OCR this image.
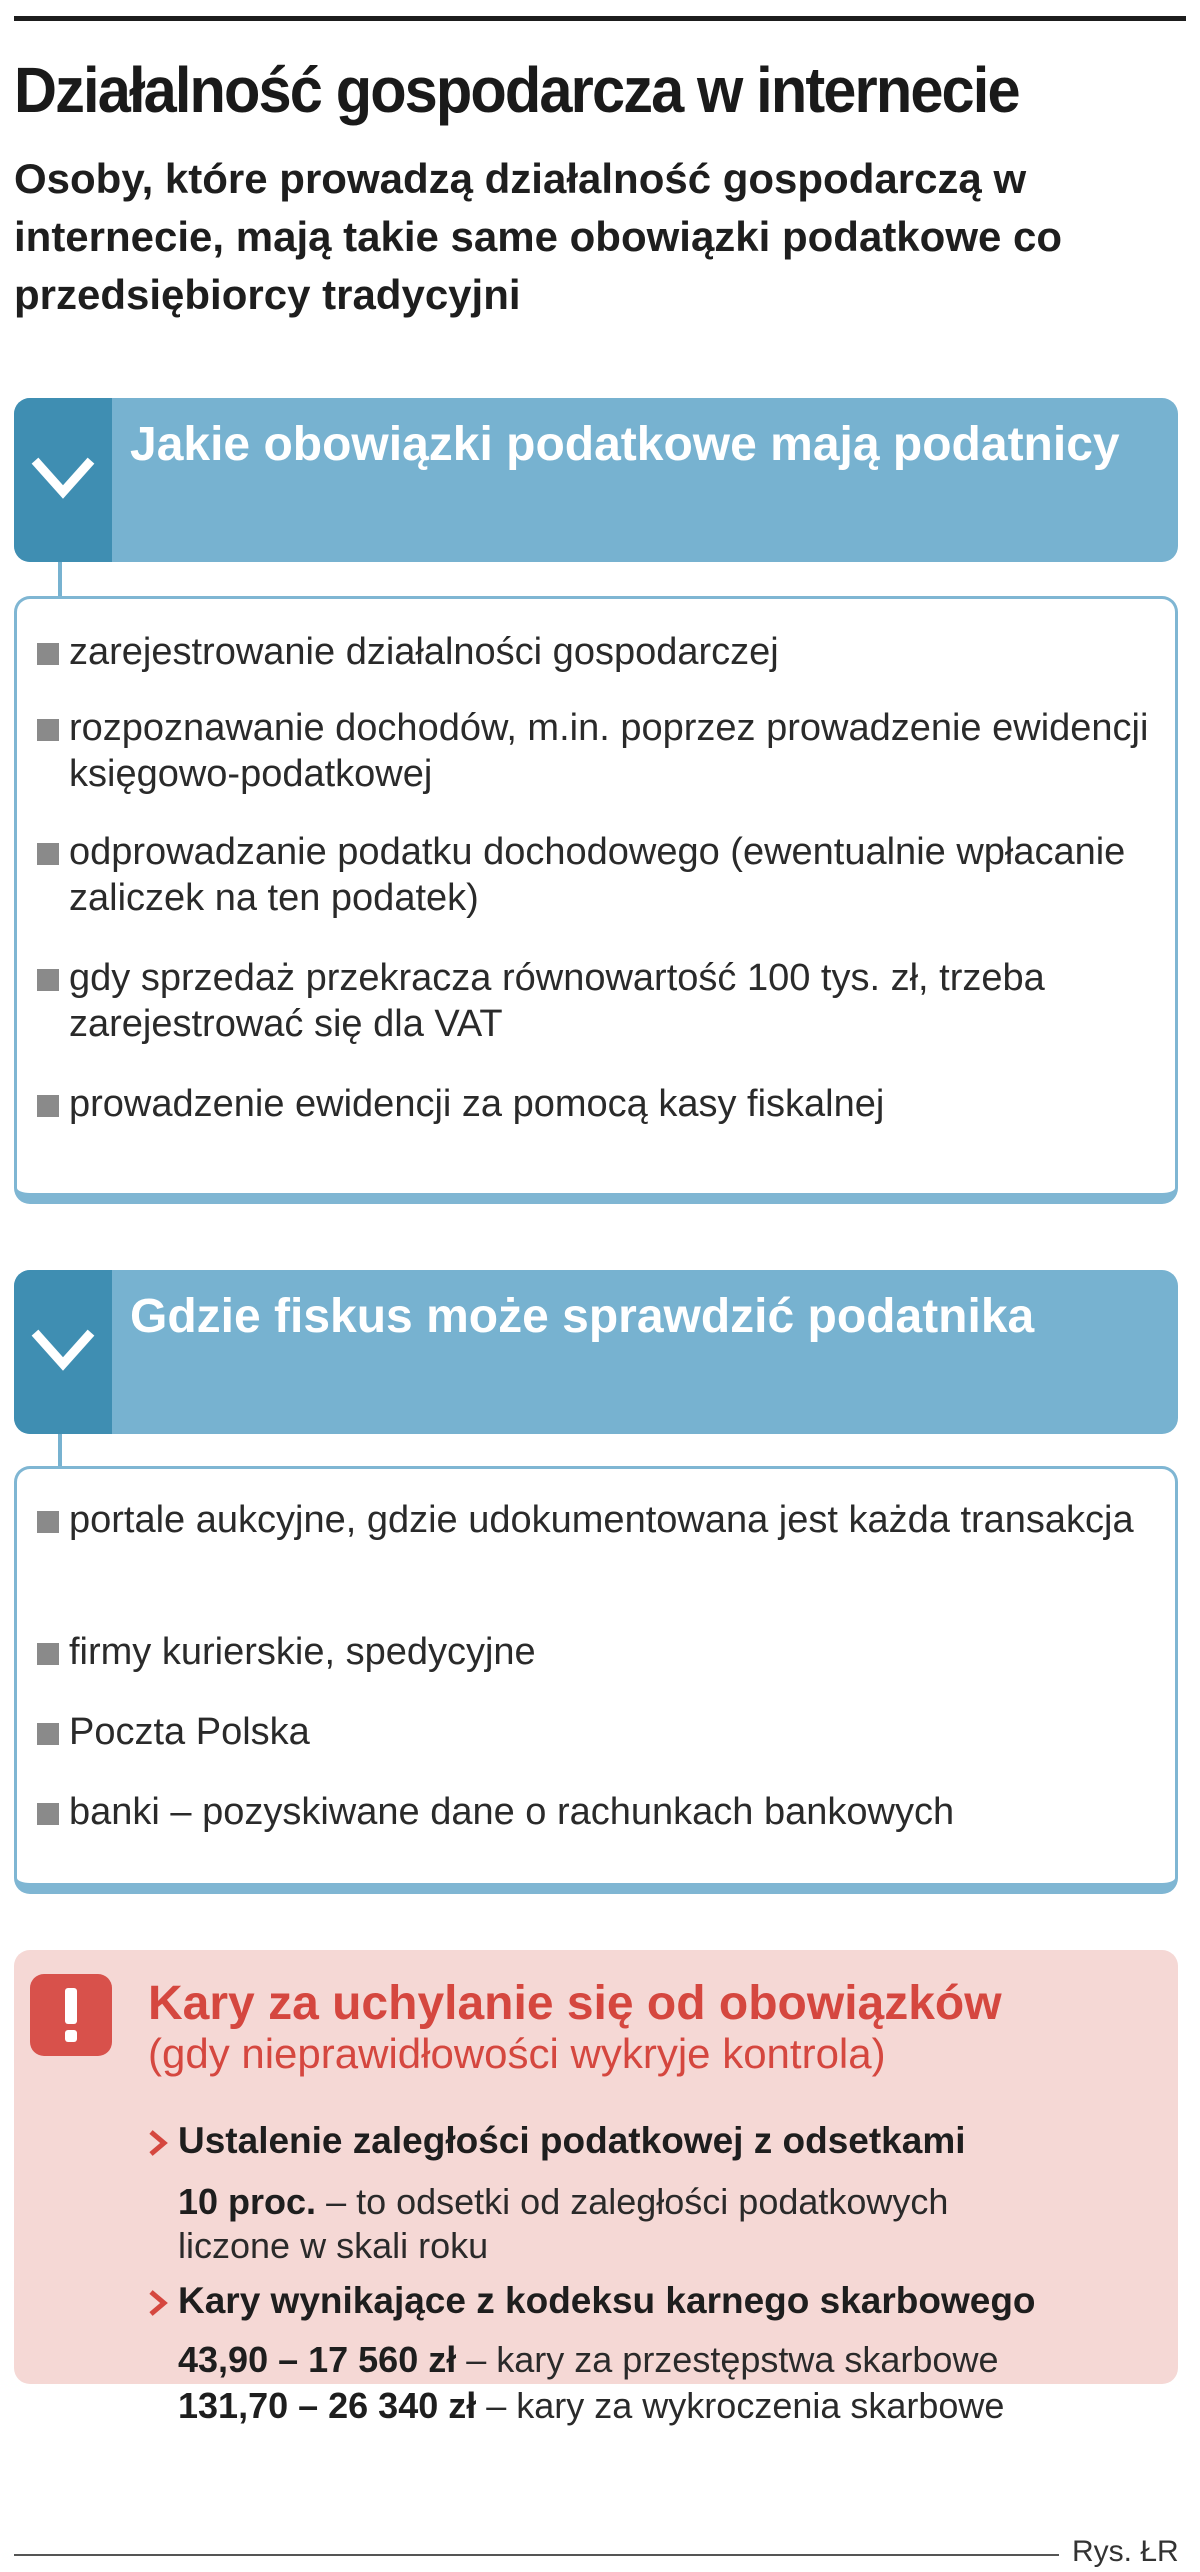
Działalność gospodarcza w internecie
Osoby, które prowadzą działalność gospodarczą w internecie, mają takie same obowiązki podatkowe co przedsiębiorcy tradycyjni
Jakie obowiązki podatkowe mają podatnicy
zarejestrowanie działalności gospodarczej
rozpoznawanie dochodów, m.in. poprzez prowadzenie ewidencji księgowo-podatkowej
odprowadzanie podatku dochodowego (ewentualnie wpłacanie zaliczek na ten podatek)
gdy sprzedaż przekracza równowartość 100 tys. zł, trzeba zarejestrować się dla VAT
prowadzenie ewidencji za pomocą kasy fiskalnej
Gdzie fiskus może sprawdzić podatnika
portale aukcyjne, gdzie udokumentowana jest każda transakcja
firmy kurierskie, spedycyjne
Poczta Polska
banki – pozyskiwane dane o rachunkach bankowych
Kary za uchylanie się od obowiązków
(gdy nieprawidłowości wykryje kontrola)
Ustalenie zaległości podatkowej z odsetkami
10 proc. – to odsetki od zaległości podatkowych
liczone w skali roku
Kary wynikające z kodeksu karnego skarbowego
43,90 – 17 560 zł – kary za przestępstwa skarbowe
131,70 – 26 340 zł – kary za wykroczenia skarbowe
Rys. ŁR
